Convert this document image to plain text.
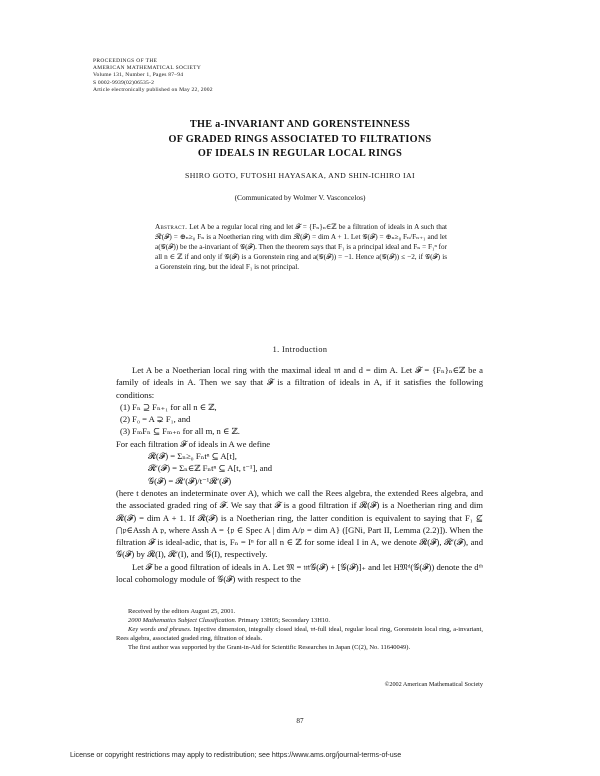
PROCEEDINGS OF THE
AMERICAN MATHEMATICAL SOCIETY
Volume 131, Number 1, Pages 87–94
S 0002-9939(02)06535-2
Article electronically published on May 22, 2002
THE a-INVARIANT AND GORENSTEINNESS
OF GRADED RINGS ASSOCIATED TO FILTRATIONS
OF IDEALS IN REGULAR LOCAL RINGS
SHIRO GOTO, FUTOSHI HAYASAKA, AND SHIN-ICHIRO IAI
(Communicated by Wolmer V. Vasconcelos)
Abstract. Let A be a regular local ring and let 𝓕 = {Fₙ}ₙ∈ℤ be a filtration of ideals in A such that 𝓡(𝓕) = ⊕ₙ≥₀ Fₙ is a Noetherian ring with dim 𝓡(𝓕) = dim A + 1. Let 𝒢(𝓕) = ⊕ₙ≥₀ Fₙ/Fₙ₊₁ and let a(𝒢(𝓕)) be the a-invariant of 𝒢(𝓕). Then the theorem says that F₁ is a principal ideal and Fₙ = F₁ⁿ for all n ∈ ℤ if and only if 𝒢(𝓕) is a Gorenstein ring and a(𝒢(𝓕)) = −1. Hence a(𝒢(𝓕)) ≤ −2, if 𝒢(𝓕) is a Gorenstein ring, but the ideal F₁ is not principal.
1. Introduction
Let A be a Noetherian local ring with the maximal ideal 𝔪 and d = dim A. Let 𝓕 = {Fₙ}ₙ∈ℤ be a family of ideals in A. Then we say that 𝓕 is a filtration of ideals in A, if it satisfies the following conditions:
(1) Fₙ ⊇ Fₙ₊₁ for all n ∈ ℤ,
(2) F₀ = A ⊋ F₁, and
(3) FₘFₙ ⊆ Fₘ₊ₙ for all m, n ∈ ℤ.
For each filtration 𝓕 of ideals in A we define
𝓡(𝓕) = Σₙ≥₀ Fₙtⁿ ⊆ A[t],
𝓡′(𝓕) = Σₙ∈ℤ Fₙtⁿ ⊆ A[t, t⁻¹], and
𝒢(𝓕) = 𝓡′(𝓕)/t⁻¹𝓡′(𝓕)
(here t denotes an indeterminate over A), which we call the Rees algebra, the extended Rees algebra, and the associated graded ring of 𝓕. We say that 𝓕 is a good filtration if 𝓡(𝓕) is a Noetherian ring and dim 𝓡(𝓕) = dim A + 1. If 𝓡(𝓕) is a Noetherian ring, the latter condition is equivalent to saying that F₁ ⊈ ⋂𝔭∈Assh A 𝔭, where Assh A = {𝔭 ∈ Spec A | dim A/𝔭 = dim A} ([GNi, Part II, Lemma (2.2)]). When the filtration 𝓕 is ideal-adic, that is, Fₙ = Iⁿ for all n ∈ ℤ for some ideal I in A, we denote 𝓡(𝓕), 𝓡′(𝓕), and 𝒢(𝓕) by 𝓡(I), 𝓡′(I), and 𝒢(I), respectively.
Let 𝓕 be a good filtration of ideals in A. Let 𝔐 = 𝔪𝒢(𝓕) + [𝒢(𝓕)]₊ and let H𝔐ᵈ(𝒢(𝓕)) denote the dᵗʰ local cohomology module of 𝒢(𝓕) with respect to the
Received by the editors August 25, 2001.
2000 Mathematics Subject Classification. Primary 13H05; Secondary 13H10.
Key words and phrases. Injective dimension, integrally closed ideal, 𝔪-full ideal, regular local ring, Gorenstein local ring, a-invariant, Rees algebra, associated graded ring, filtration of ideals.
The first author was supported by the Grant-in-Aid for Scientific Researches in Japan (C(2), No. 11640049).
©2002 American Mathematical Society
87
License or copyright restrictions may apply to redistribution; see https://www.ams.org/journal-terms-of-use
